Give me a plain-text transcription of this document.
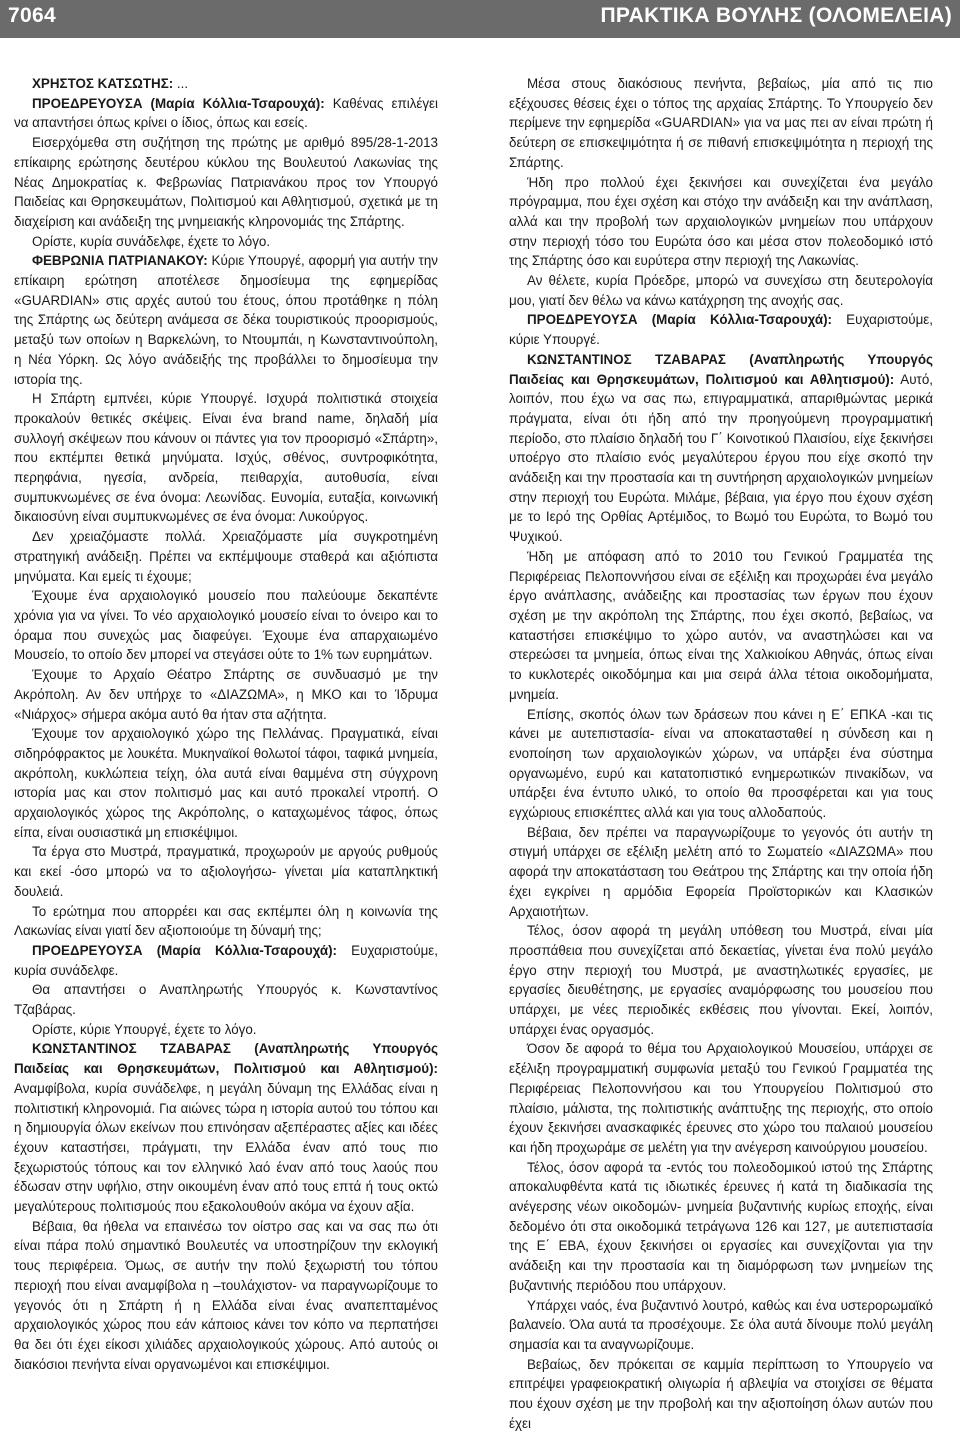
7064	ΠΡΑΚΤΙΚΑ ΒΟΥΛΗΣ (ΟΛΟΜΕΛΕΙΑ)

ΧΡΗΣΤΟΣ ΚΑΤΣΩΤΗΣ: ...

ΠΡΟΕΔΡΕΥΟΥΣΑ (Μαρία Κόλλια-Τσαρουχά): Καθένας επιλέγει να απαντήσει όπως κρίνει ο ίδιος, όπως και εσείς.

Εισερχόμεθα στη συζήτηση της πρώτης με αριθμό 895/28-1-2013 επίκαιρης ερώτησης δευτέρου κύκλου της Βουλευτού Λακωνίας της Νέας Δημοκρατίας κ. Φεβρωνίας Πατριανάκου προς τον Υπουργό Παιδείας και Θρησκευμάτων, Πολιτισμού και Αθλητισμού, σχετικά με τη διαχείριση και ανάδειξη της μνημειακής κληρονομιάς της Σπάρτης.

Ορίστε, κυρία συνάδελφε, έχετε το λόγο.

ΦΕΒΡΩΝΙΑ ΠΑΤΡΙΑΝΑΚΟΥ: Κύριε Υπουργέ, αφορμή για αυτήν την επίκαιρη ερώτηση αποτέλεσε δημοσίευμα της εφημερίδας «GUARDIAN» στις αρχές αυτού του έτους, όπου προτάθηκε η πόλη της Σπάρτης ως δεύτερη ανάμεσα σε δέκα τουριστικούς προορισμούς, μεταξύ των οποίων η Βαρκελώνη, το Ντουμπάι, η Κωνσταντινούπολη, η Νέα Υόρκη. Ως λόγο ανάδειξής της προβάλλει το δημοσίευμα την ιστορία της.

Η Σπάρτη εμπνέει, κύριε Υπουργέ. Ισχυρά πολιτιστικά στοιχεία προκαλούν θετικές σκέψεις. Είναι ένα brand name, δηλαδή μία συλλογή σκέψεων που κάνουν οι πάντες για τον προορισμό «Σπάρτη», που εκπέμπει θετικά μηνύματα. Ισχύς, σθένος, συντροφικότητα, περηφάνια, ηγεσία, ανδρεία, πειθαρχία, αυτοθυσία, είναι συμπυκνωμένες σε ένα όνομα: Λεωνίδας. Ευνομία, ευταξία, κοινωνική δικαιοσύνη είναι συμπυκνωμένες σε ένα όνομα: Λυκούργος.

Δεν χρειαζόμαστε πολλά. Χρειαζόμαστε μία συγκροτημένη στρατηγική ανάδειξη. Πρέπει να εκπέμψουμε σταθερά και αξιόπιστα μηνύματα. Και εμείς τι έχουμε;

Έχουμε ένα αρχαιολογικό μουσείο που παλεύουμε δεκαπέντε χρόνια για να γίνει. Το νέο αρχαιολογικό μουσείο είναι το όνειρο και το όραμα που συνεχώς μας διαφεύγει. Έχουμε ένα απαρχαιωμένο Μουσείο, το οποίο δεν μπορεί να στεγάσει ούτε το 1% των ευρημάτων.

Έχουμε το Αρχαίο Θέατρο Σπάρτης σε συνδυασμό με την Ακρόπολη. Αν δεν υπήρχε το «ΔΙΑΖΩΜΑ», η ΜΚΟ και το Ίδρυμα «Νιάρχος» σήμερα ακόμα αυτό θα ήταν στα αζήτητα.

Έχουμε τον αρχαιολογικό χώρο της Πελλάνας. Πραγματικά, είναι σιδηρόφρακτος με λουκέτα. Μυκηναϊκοί θολωτοί τάφοι, ταφικά μνημεία, ακρόπολη, κυκλώπεια τείχη, όλα αυτά είναι θαμμένα στη σύγχρονη ιστορία μας και στον πολιτισμό μας και αυτό προκαλεί ντροπή. Ο αρχαιολογικός χώρος της Ακρόπολης, ο καταχωμένος τάφος, όπως είπα, είναι ουσιαστικά μη επισκέψιμοι.

Τα έργα στο Μυστρά, πραγματικά, προχωρούν με αργούς ρυθμούς και εκεί -όσο μπορώ να το αξιολογήσω- γίνεται μία καταπληκτική δουλειά.

Το ερώτημα που απορρέει και σας εκπέμπει όλη η κοινωνία της Λακωνίας είναι γιατί δεν αξιοποιούμε τη δύναμή της;

ΠΡΟΕΔΡΕΥΟΥΣΑ (Μαρία Κόλλια-Τσαρουχά): Ευχαριστούμε, κυρία συνάδελφε.

Θα απαντήσει ο Αναπληρωτής Υπουργός κ. Κωνσταντίνος Τζαβάρας.

Ορίστε, κύριε Υπουργέ, έχετε το λόγο.

ΚΩΝΣΤΑΝΤΙΝΟΣ ΤΖΑΒΑΡΑΣ (Αναπληρωτής Υπουργός Παιδείας και Θρησκευμάτων, Πολιτισμού και Αθλητισμού): Αναμφίβολα, κυρία συνάδελφε, η μεγάλη δύναμη της Ελλάδας είναι η πολιτιστική κληρονομιά. Για αιώνες τώρα η ιστορία αυτού του τόπου και η δημιουργία όλων εκείνων που επινόησαν αξεπέραστες αξίες και ιδέες έχουν καταστήσει, πράγματι, την Ελλάδα έναν από τους πιο ξεχωριστούς τόπους και τον ελληνικό λαό έναν από τους λαούς που έδωσαν στην υφήλιο, στην οικουμένη έναν από τους επτά ή τους οκτώ μεγαλύτερους πολιτισμούς που εξακολουθούν ακόμα να έχουν αξία.

Βέβαια, θα ήθελα να επαινέσω τον οίστρο σας και να σας πω ότι είναι πάρα πολύ σημαντικό Βουλευτές να υποστηρίζουν την εκλογική τους περιφέρεια. Όμως, σε αυτήν την πολύ ξεχωριστή του τόπου περιοχή που είναι αναμφίβολα η –τουλάχιστον- να παραγνωρίζουμε το γεγονός ότι η Σπάρτη ή η Ελλάδα είναι ένας αναπεπταμένος αρχαιολογικός χώρος που εάν κάποιος κάνει τον κόπο να περπατήσει θα δει ότι έχει είκοσι χιλιάδες αρχαιολογικούς χώρους. Από αυτούς οι διακόσιοι πενήντα είναι οργανωμένοι και επισκέψιμοι.

Μέσα στους διακόσιους πενήντα, βεβαίως, μία από τις πιο εξέχουσες θέσεις έχει ο τόπος της αρχαίας Σπάρτης. Το Υπουργείο δεν περίμενε την εφημερίδα «GUARDIAN» για να μας πει αν είναι πρώτη ή δεύτερη σε επισκεψιμότητα ή σε πιθανή επισκεψιμότητα η περιοχή της Σπάρτης.

Ήδη προ πολλού έχει ξεκινήσει και συνεχίζεται ένα μεγάλο πρόγραμμα, που έχει σχέση και στόχο την ανάδειξη και την ανάπλαση, αλλά και την προβολή των αρχαιολογικών μνημείων που υπάρχουν στην περιοχή τόσο του Ευρώτα όσο και μέσα στον πολεοδομικό ιστό της Σπάρτης όσο και ευρύτερα στην περιοχή της Λακωνίας.

Αν θέλετε, κυρία Πρόεδρε, μπορώ να συνεχίσω στη δευτερολογία μου, γιατί δεν θέλω να κάνω κατάχρηση της ανοχής σας.

ΠΡΟΕΔΡΕΥΟΥΣΑ (Μαρία Κόλλια-Τσαρουχά): Ευχαριστούμε, κύριε Υπουργέ.

ΚΩΝΣΤΑΝΤΙΝΟΣ ΤΖΑΒΑΡΑΣ (Αναπληρωτής Υπουργός Παιδείας και Θρησκευμάτων, Πολιτισμού και Αθλητισμού): Αυτό, λοιπόν, που έχω να σας πω, επιγραμματικά, απαριθμώντας μερικά πράγματα, είναι ότι ήδη από την προηγούμενη προγραμματική περίοδο, στο πλαίσιο δηλαδή του Γ΄ Κοινοτικού Πλαισίου, είχε ξεκινήσει υποέργο στο πλαίσιο ενός μεγαλύτερου έργου που είχε σκοπό την ανάδειξη και την προστασία και τη συντήρηση αρχαιολογικών μνημείων στην περιοχή του Ευρώτα. Μιλάμε, βέβαια, για έργο που έχουν σχέση με το Ιερό της Ορθίας Αρτέμιδος, το Βωμό του Ευρώτα, το Βωμό του Ψυχικού.

Ήδη με απόφαση από το 2010 του Γενικού Γραμματέα της Περιφέρειας Πελοποννήσου είναι σε εξέλιξη και προχωράει ένα μεγάλο έργο ανάπλασης, ανάδειξης και προστασίας των έργων που έχουν σχέση με την ακρόπολη της Σπάρτης, που έχει σκοπό, βεβαίως, να καταστήσει επισκέψιμο το χώρο αυτόν, να αναστηλώσει και να στερεώσει τα μνημεία, όπως είναι της Χαλκιοίκου Αθηνάς, όπως είναι το κυκλοτερές οικοδόμημα και μια σειρά άλλα τέτοια οικοδομήματα, μνημεία.

Επίσης, σκοπός όλων των δράσεων που κάνει η Ε΄ ΕΠΚΑ -και τις κάνει με αυτεπιστασία- είναι να αποκατασταθεί η σύνδεση και η ενοποίηση των αρχαιολογικών χώρων, να υπάρξει ένα σύστημα οργανωμένο, ευρύ και κατατοπιστικό ενημερωτικών πινακίδων, να υπάρξει ένα έντυπο υλικό, το οποίο θα προσφέρεται και για τους εγχώριους επισκέπτες αλλά και για τους αλλοδαπούς.

Βέβαια, δεν πρέπει να παραγνωρίζουμε το γεγονός ότι αυτήν τη στιγμή υπάρχει σε εξέλιξη μελέτη από το Σωματείο «ΔΙΑΖΩΜΑ» που αφορά την αποκατάσταση του Θεάτρου της Σπάρτης και την οποία ήδη έχει εγκρίνει η αρμόδια Εφορεία Προϊστορικών και Κλασικών Αρχαιοτήτων.

Τέλος, όσον αφορά τη μεγάλη υπόθεση του Μυστρά, είναι μία προσπάθεια που συνεχίζεται από δεκαετίας, γίνεται ένα πολύ μεγάλο έργο στην περιοχή του Μυστρά, με αναστηλωτικές εργασίες, με εργασίες διευθέτησης, με εργασίες αναμόρφωσης του μουσείου που υπάρχει, με νέες περιοδικές εκθέσεις που γίνονται. Εκεί, λοιπόν, υπάρχει ένας οργασμός.

Όσον δε αφορά το θέμα του Αρχαιολογικού Μουσείου, υπάρχει σε εξέλιξη προγραμματική συμφωνία μεταξύ του Γενικού Γραμματέα της Περιφέρειας Πελοποννήσου και του Υπουργείου Πολιτισμού στο πλαίσιο, μάλιστα, της πολιτιστικής ανάπτυξης της περιοχής, στο οποίο έχουν ξεκινήσει ανασκαφικές έρευνες στο χώρο του παλαιού μουσείου και ήδη προχωράμε σε μελέτη για την ανέγερση καινούργιου μουσείου.

Τέλος, όσον αφορά τα -εντός του πολεοδομικού ιστού της Σπάρτης αποκαλυφθέντα κατά τις ιδιωτικές έρευνες ή κατά τη διαδικασία της ανέγερσης νέων οικοδομών- μνημεία βυζαντινής κυρίως εποχής, είναι δεδομένο ότι στα οικοδομικά τετράγωνα 126 και 127, με αυτεπιστασία της Ε΄ ΕΒΑ, έχουν ξεκινήσει οι εργασίες και συνεχίζονται για την ανάδειξη και την προστασία και τη διαμόρφωση των μνημείων της βυζαντινής περιόδου που υπάρχουν.

Υπάρχει ναός, ένα βυζαντινό λουτρό, καθώς και ένα υστερορωμαϊκό βαλανείο. Όλα αυτά τα προσέχουμε. Σε όλα αυτά δίνουμε πολύ μεγάλη σημασία και τα αναγνωρίζουμε.

Βεβαίως, δεν πρόκειται σε καμμία περίπτωση το Υπουργείο να επιτρέψει γραφειοκρατική ολιγωρία ή αβλεψία να στοιχίσει σε θέματα που έχουν σχέση με την προβολή και την αξιοποίηση όλων αυτών που έχει
